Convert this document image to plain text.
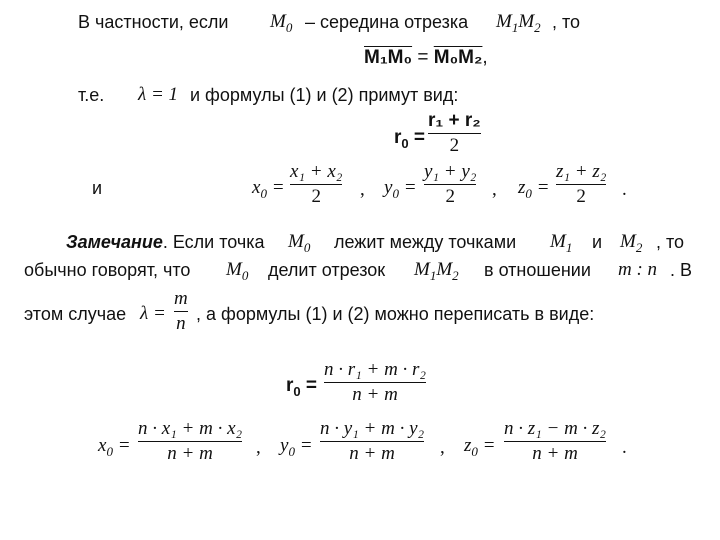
В частности, если $M_0$ – середина отрезка $M_1M_2$ , то
M₁M₀ = M₀M₂,
т.е. λ = 1 и формулы (1) и (2) примут вид:
$r_0$ =
r₁ + r₂
2
и	$x_0$ =
x₁ + x₂
2 , $y_0$ =
y₁ + y₂
2 , $z_0$ =
z₁ + z₂
2 .
Замечание. Если точка $M_0$ лежит между точками $M_1$ и $M_2$ , то
обычно говорят, что $M_0$ делит отрезок $M_1M_2$ в отношении m : n . В
этом случае λ =
m
n , а формулы (1) и (2) можно переписать в виде:
$r_0$ =
n · r₁ + m · r₂
n + m
$x_0$ =
n · x₁ + m · x₂
n + m , $y_0$ =
n · y₁ + m · y₂
n + m , $z_0$ =
n · z₁ − m · z₂
n + m .
